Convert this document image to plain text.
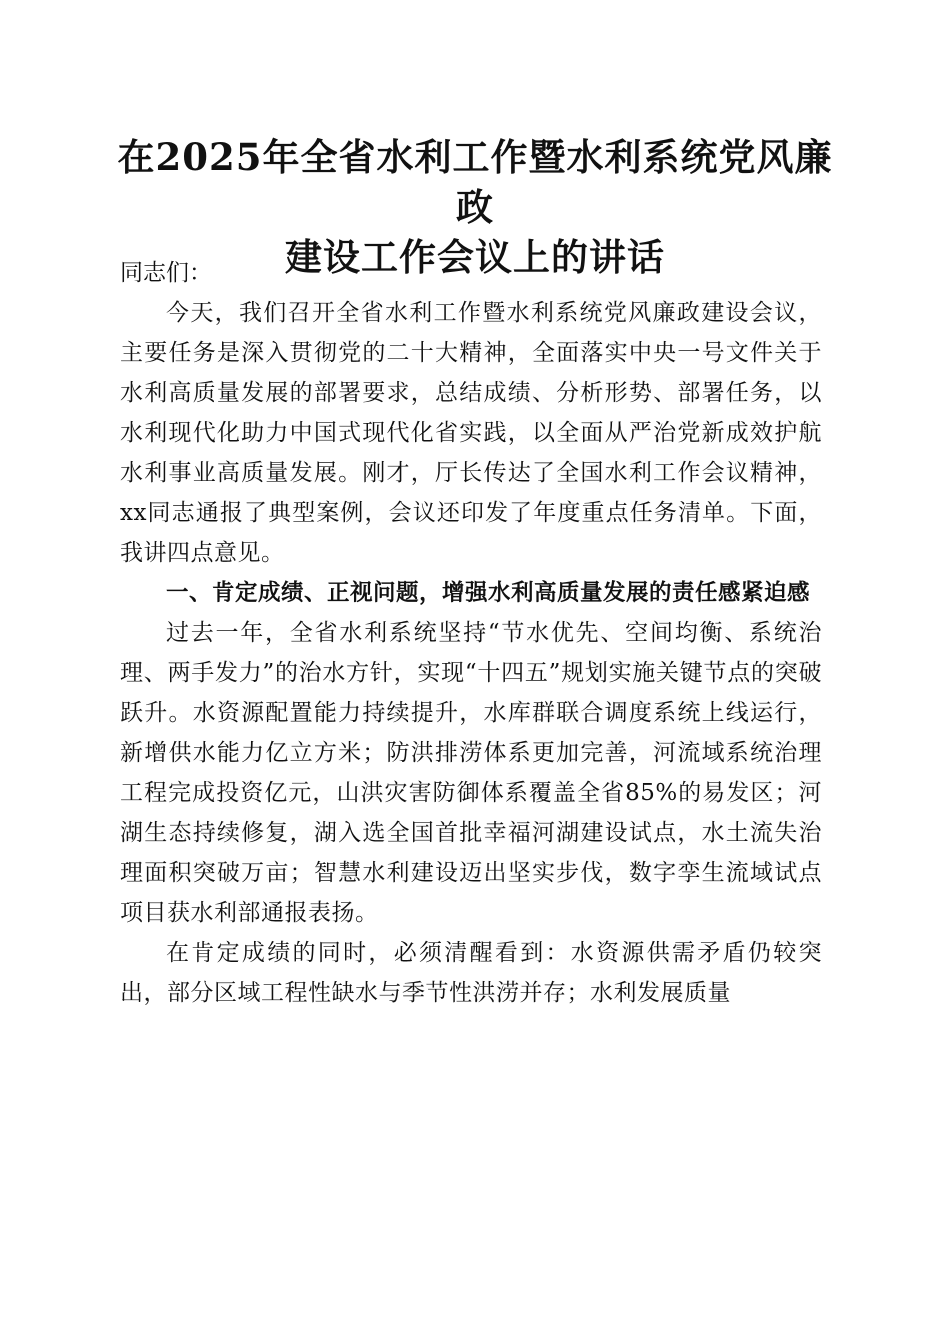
在2025年全省水利工作暨水利系统党风廉政
建设工作会议上的讲话

同志们：

今天，我们召开全省水利工作暨水利系统党风廉政建设会议，主要任务是深入贯彻党的二十大精神，全面落实中央一号文件关于水利高质量发展的部署要求，总结成绩、分析形势、部署任务，以水利现代化助力中国式现代化省实践，以全面从严治党新成效护航水利事业高质量发展。刚才，厅长传达了全国水利工作会议精神，xx同志通报了典型案例，会议还印发了年度重点任务清单。下面，我讲四点意见。

一、肯定成绩、正视问题，增强水利高质量发展的责任感紧迫感

过去一年，全省水利系统坚持“节水优先、空间均衡、系统治理、两手发力”的治水方针，实现“十四五”规划实施关键节点的突破跃升。水资源配置能力持续提升，水库群联合调度系统上线运行，新增供水能力亿立方米；防洪排涝体系更加完善，河流域系统治理工程完成投资亿元，山洪灾害防御体系覆盖全省85%的易发区；河湖生态持续修复，湖入选全国首批幸福河湖建设试点，水土流失治理面积突破万亩；智慧水利建设迈出坚实步伐，数字孪生流域试点项目获水利部通报表扬。

在肯定成绩的同时，必须清醒看到：水资源供需矛盾仍较突出，部分区域工程性缺水与季节性洪涝并存；水利发展质量
